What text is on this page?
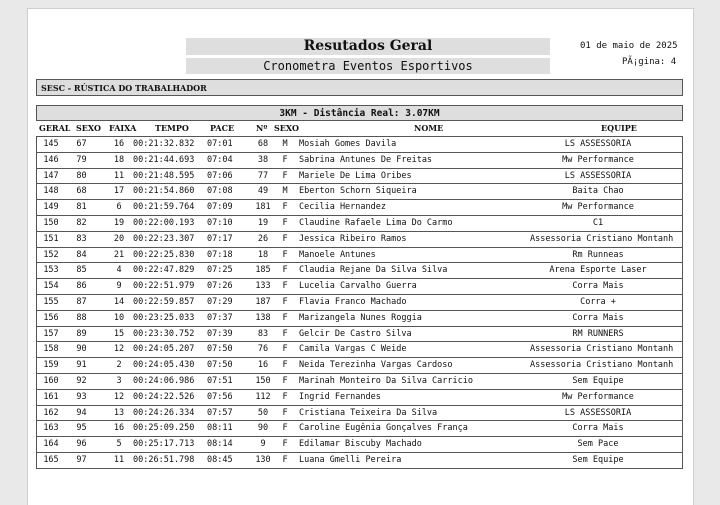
Resutados Geral
Cronometra Eventos Esportivos
01 de maio de 2025
PÃ¡gina: 4
SESC - RÚSTICA DO TRABALHADOR
3KM - Distância Real: 3.07KM
GERAL SEXO FAIXA TEMPO	PACE	Nº SEXO	NOME	EQUIPE
145	67	16	00:21:32.832 07:01	68	M Mosiah Gomes Davila	LS ASSESSORIA
146	79	18	00:21:44.693 07:04	38	F Sabrina Antunes De Freitas	Mw Performance
147	80	11	00:21:48.595 07:06	77	F Mariele De Lima Oribes	LS ASSESSORIA
148	68	17	00:21:54.860 07:08	49	M Eberton Schorn Siqueira	Baita Chao
149	81	6	00:21:59.764 07:09	181	F Cecilia Hernandez	Mw Performance
150	82	19	00:22:00.193 07:10	19	F Claudine Rafaele Lima Do Carmo	C1
151	83	20	00:22:23.307 07:17	26	F Jessica Ribeiro Ramos	Assessoria Cristiano Montanh
152	84	21	00:22:25.830 07:18	18	F Manoele Antunes	Rm Runneas
153	85	4	00:22:47.829 07:25	185	F Claudia Rejane Da Silva Silva	Arena Esporte Laser
154	86	9	00:22:51.979 07:26	133	F Lucelia Carvalho Guerra	Corra Mais
155	87	14	00:22:59.857 07:29	187	F Flavia Franco Machado	Corra +
156	88	10	00:23:25.033 07:37	138	F Marizangela Nunes Roggia	Corra Mais
157	89	15	00:23:30.752 07:39	83	F Gelcir De Castro Silva	RM RUNNERS
158	90	12	00:24:05.207 07:50	76	F Camila Vargas C Weide	Assessoria Cristiano Montanh
159	91	2	00:24:05.430 07:50	16	F Neida Terezinha Vargas Cardoso	Assessoria Cristiano Montanh
160	92	3	00:24:06.986 07:51	150	F Marinah Monteiro Da Silva Carricio	Sem Equipe
161	93	12	00:24:22.526 07:56	112	F Ingrid Fernandes	Mw Performance
162	94	13	00:24:26.334 07:57	50	F Cristiana Teixeira Da Silva	LS ASSESSORIA
163	95	16	00:25:09.250 08:11	90	F Caroline Eugênia Gonçalves França	Corra Mais
164	96	5	00:25:17.713 08:14	9	F Edilamar Biscuby Machado	Sem Pace
165	97	11	00:26:51.798 08:45	130	F Luana Gmelli Pereira	Sem Equipe
